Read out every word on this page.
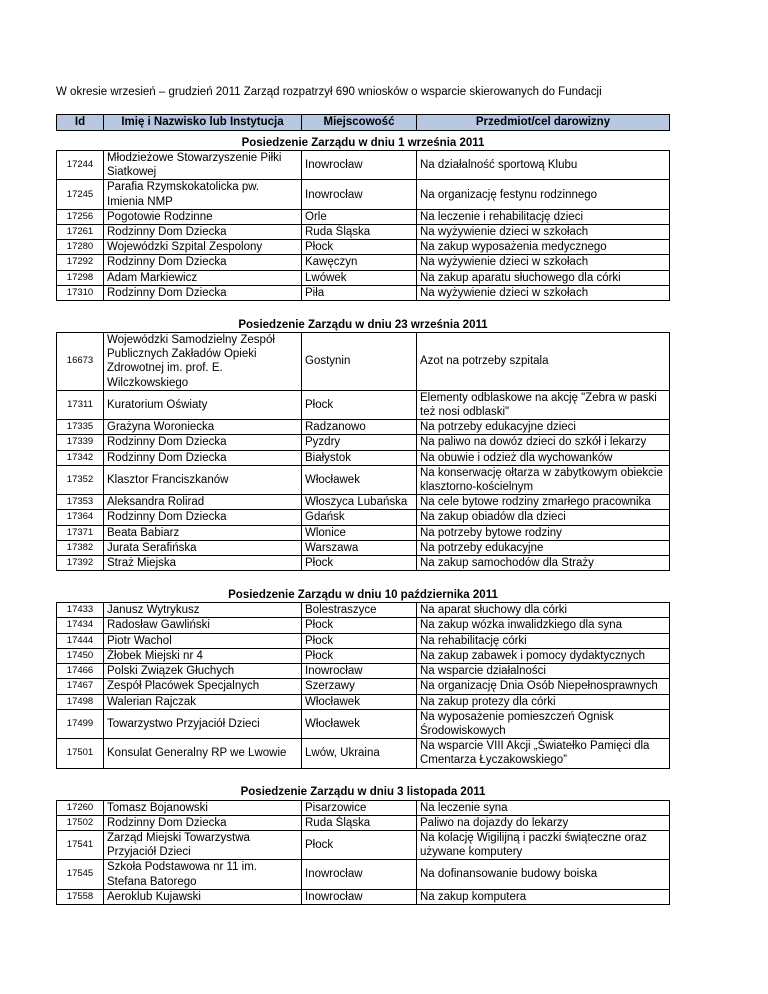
W okresie wrzesień – grudzień 2011 Zarząd rozpatrzył 690 wniosków o wsparcie skierowanych do Fundacji
Id	Imię i Nazwisko lub Instytucja	Miejscowość	Przedmiot/cel darowizny
Posiedzenie Zarządu w dniu 1 września 2011			
17244	Młodzieżowe Stowarzyszenie Piłki Siatkowej	Inowrocław	Na działalność sportową Klubu
17245	Parafia Rzymskokatolicka pw. Imienia NMP	Inowrocław	Na organizację festynu rodzinnego
17256	Pogotowie Rodzinne	Orle	Na leczenie i rehabilitację dzieci
17261	Rodzinny Dom Dziecka	Ruda Śląska	Na wyżywienie dzieci w szkołach
17280	Wojewódzki Szpital Zespolony	Płock	Na zakup wyposażenia medycznego
17292	Rodzinny Dom Dziecka	Kawęczyn	Na wyżywienie dzieci w szkołach
17298	Adam Markiewicz	Lwówek	Na zakup aparatu słuchowego dla córki
17310	Rodzinny Dom Dziecka	Piła	Na wyżywienie dzieci w szkołach

Posiedzenie Zarządu w dniu 23 września 2011			
16673	Wojewódzki Samodzielny Zespół Publicznych Zakładów Opieki Zdrowotnej im. prof. E. Wilczkowskiego	Gostynin	Azot na potrzeby szpitala
17311	Kuratorium Oświaty	Płock	Elementy odblaskowe na akcję "Zebra w paski też nosi odblaski"
17335	Grażyna Woroniecka	Radzanowo	Na potrzeby edukacyjne dzieci
17339	Rodzinny Dom Dziecka	Pyzdry	Na paliwo na dowóz dzieci do szkół i lekarzy
17342	Rodzinny Dom Dziecka	Białystok	Na obuwie i odzież dla wychowanków
17352	Klasztor Franciszkanów	Włocławek	Na konserwację ołtarza w zabytkowym obiekcie klasztorno-kościelnym
17353	Aleksandra Rolirad	Włoszyca Lubańska	Na cele bytowe rodziny zmarłego pracownika
17364	Rodzinny Dom Dziecka	Gdańsk	Na zakup obiadów dla dzieci
17371	Beata Babiarz	Wlonice	Na potrzeby bytowe rodziny
17382	Jurata Serafińska	Warszawa	Na potrzeby edukacyjne
17392	Straż Miejska	Płock	Na zakup samochodów dla Straży

Posiedzenie Zarządu w dniu 10 października 2011			
17433	Janusz Wytrykusz	Bolestraszyce	Na aparat słuchowy dla córki
17434	Radosław Gawliński	Płock	Na zakup wózka inwalidzkiego dla syna
17444	Piotr Wachol	Płock	Na rehabilitację córki
17450	Żłobek Miejski nr 4	Płock	Na zakup zabawek i pomocy dydaktycznych
17466	Polski Związek Głuchych	Inowrocław	Na wsparcie działalności
17467	Zespół Placówek Specjalnych	Szerzawy	Na organizację Dnia Osób Niepełnosprawnych
17498	Walerian Rajczak	Włocławek	Na zakup protezy dla córki
17499	Towarzystwo Przyjaciół Dzieci	Włocławek	Na wyposażenie pomieszczeń Ognisk Środowiskowych
17501	Konsulat Generalny RP we Lwowie	Lwów, Ukraina	Na wsparcie VIII Akcji „Światełko Pamięci dla Cmentarza Łyczakowskiego”

Posiedzenie Zarządu w dniu 3 listopada 2011			
17260	Tomasz Bojanowski	Pisarzowice	Na leczenie syna
17502	Rodzinny Dom Dziecka	Ruda Śląska	Paliwo na dojazdy do lekarzy
17541	Zarząd Miejski Towarzystwa Przyjaciół Dzieci	Płock	Na kolację Wigilijną i paczki świąteczne oraz używane komputery
17545	Szkoła Podstawowa nr 11 im. Stefana Batorego	Inowrocław	Na dofinansowanie budowy boiska
17558	Aeroklub Kujawski	Inowrocław	Na zakup komputera
